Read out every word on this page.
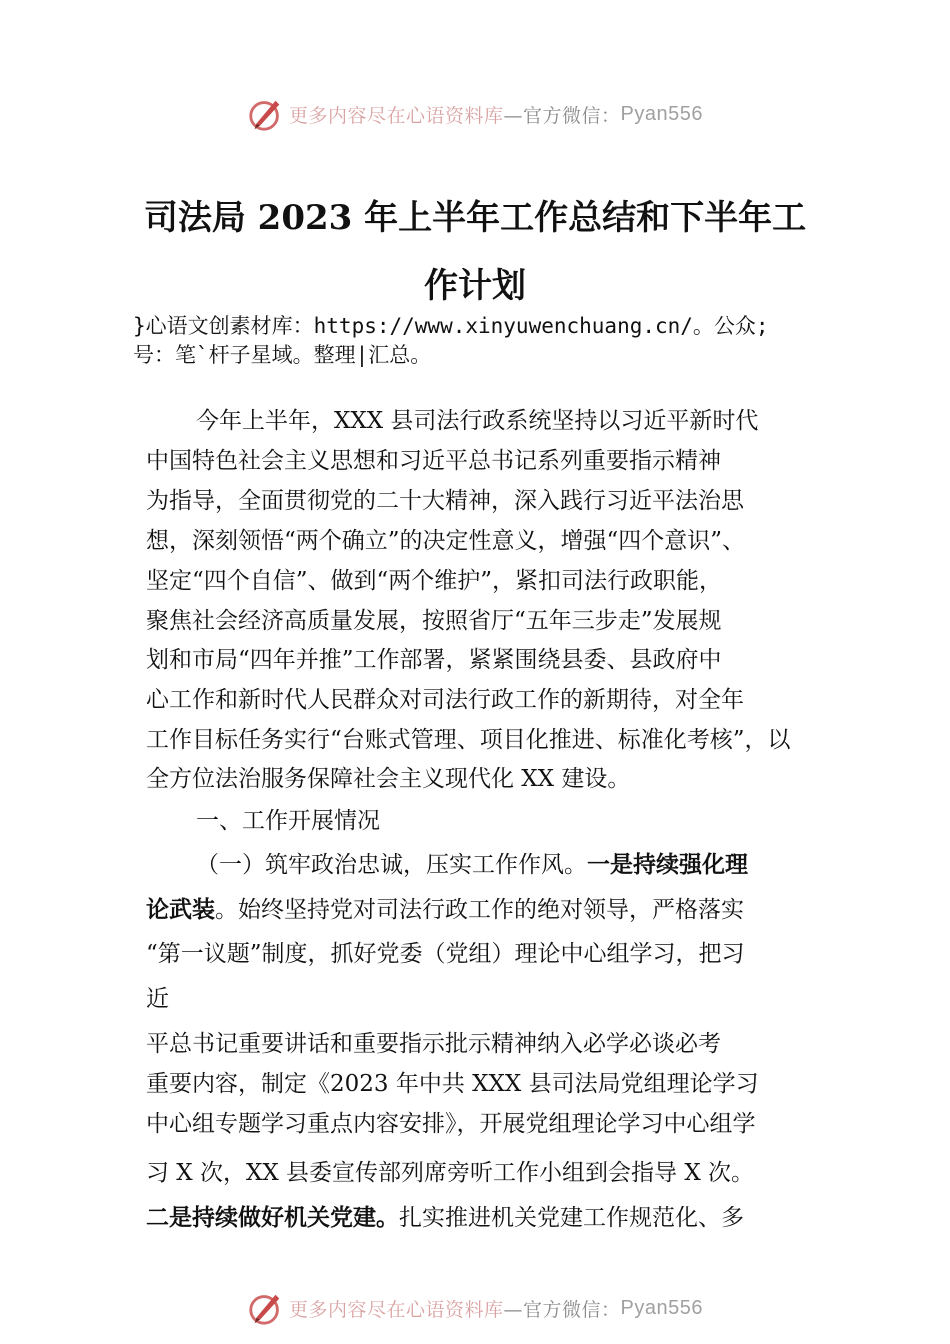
更多内容尽在心语资料库 —官方微信： Pyan556
司法局 2023 年上半年工作总结和下半年工
作计划
}心语文创素材库：https://www.xinyuwenchuang.cn/。公众;
号：笔`杆子星域。整理|汇总。
今年上半年，XXX 县司法行政系统坚持以习近平新时代
中国特色社会主义思想和习近平总书记系列重要指示精神
为指导，全面贯彻党的二十大精神，深入践行习近平法治思
想，深刻领悟“两个确立”的决定性意义，增强“四个意识”、
坚定“四个自信”、做到“两个维护”，紧扣司法行政职能，
聚焦社会经济高质量发展，按照省厅“五年三步走”发展规
划和市局“四年并推”工作部署，紧紧围绕县委、县政府中
心工作和新时代人民群众对司法行政工作的新期待，对全年
工作目标任务实行“台账式管理、项目化推进、标准化考核”，以
全方位法治服务保障社会主义现代化 XX 建设。
一、工作开展情况
（一）筑牢政治忠诚，压实工作作风。一是持续强化理
论武装。始终坚持党对司法行政工作的绝对领导，严格落实
“第一议题”制度，抓好党委（党组）理论中心组学习，把习
近
平总书记重要讲话和重要指示批示精神纳入必学必谈必考
重要内容，制定《2023 年中共 XXX 县司法局党组理论学习
中心组专题学习重点内容安排》，开展党组理论学习中心组学
习 X 次，XX 县委宣传部列席旁听工作小组到会指导 X 次。
二是持续做好机关党建。扎实推进机关党建工作规范化、多
更多内容尽在心语资料库 —官方微信： Pyan556
